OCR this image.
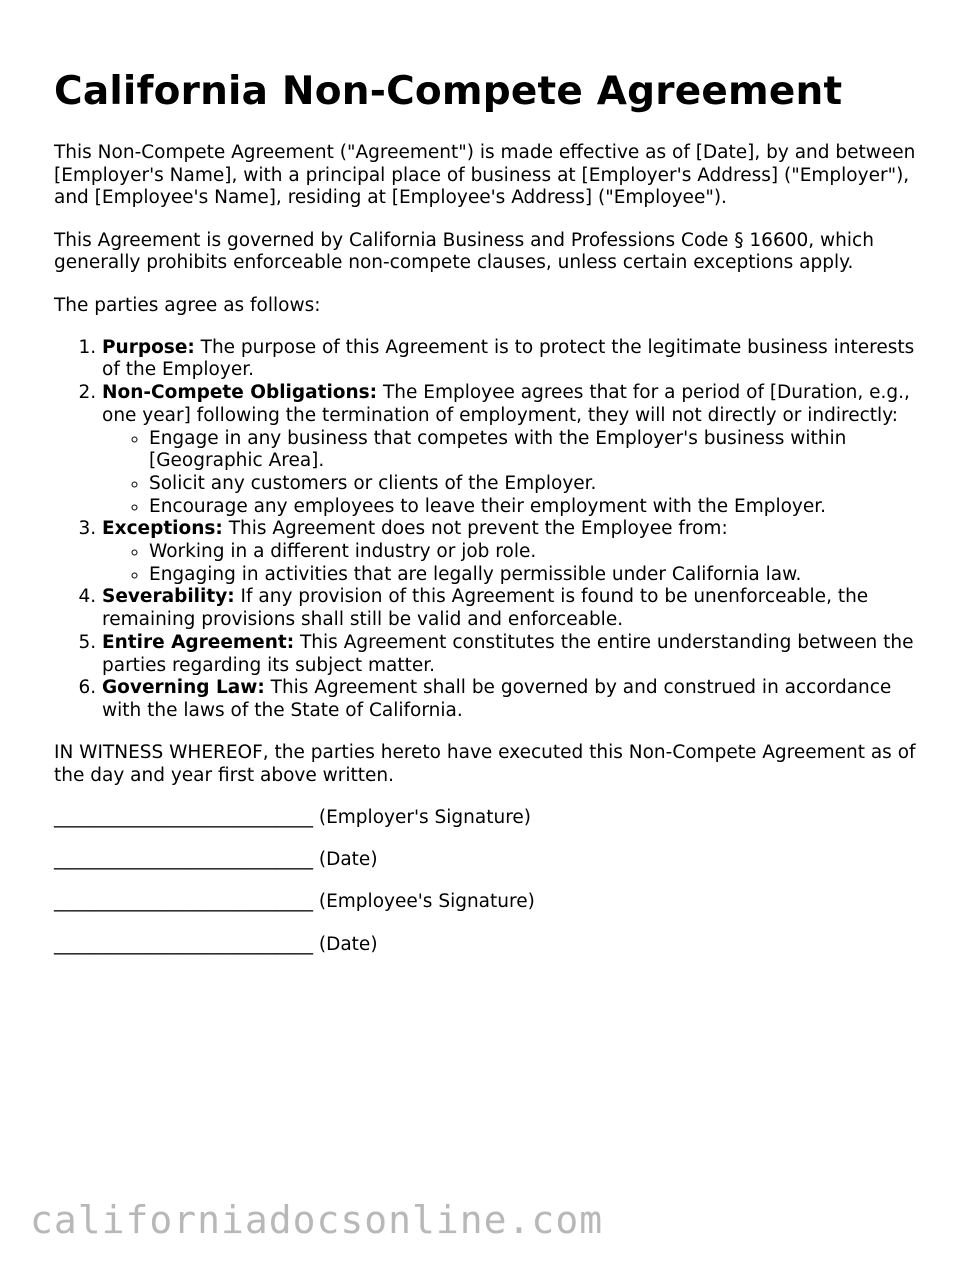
California Non-Compete Agreement

This Non-Compete Agreement ("Agreement") is made effective as of [Date], by and between [Employer's Name], with a principal place of business at [Employer's Address] ("Employer"), and [Employee's Name], residing at [Employee's Address] ("Employee").

This Agreement is governed by California Business and Professions Code § 16600, which generally prohibits enforceable non-compete clauses, unless certain exceptions apply.

The parties agree as follows:

1. Purpose: The purpose of this Agreement is to protect the legitimate business interests of the Employer.
2. Non-Compete Obligations: The Employee agrees that for a period of [Duration, e.g., one year] following the termination of employment, they will not directly or indirectly:
◦ Engage in any business that competes with the Employer's business within [Geographic Area].
◦ Solicit any customers or clients of the Employer.
◦ Encourage any employees to leave their employment with the Employer.
3. Exceptions: This Agreement does not prevent the Employee from:
◦ Working in a different industry or job role.
◦ Engaging in activities that are legally permissible under California law.
4. Severability: If any provision of this Agreement is found to be unenforceable, the remaining provisions shall still be valid and enforceable.
5. Entire Agreement: This Agreement constitutes the entire understanding between the parties regarding its subject matter.
6. Governing Law: This Agreement shall be governed by and construed in accordance with the laws of the State of California.

IN WITNESS WHEREOF, the parties hereto have executed this Non-Compete Agreement as of the day and year first above written.

____________________________ (Employer's Signature)
____________________________ (Date)
____________________________ (Employee's Signature)
____________________________ (Date)
californiadocsonline.com
